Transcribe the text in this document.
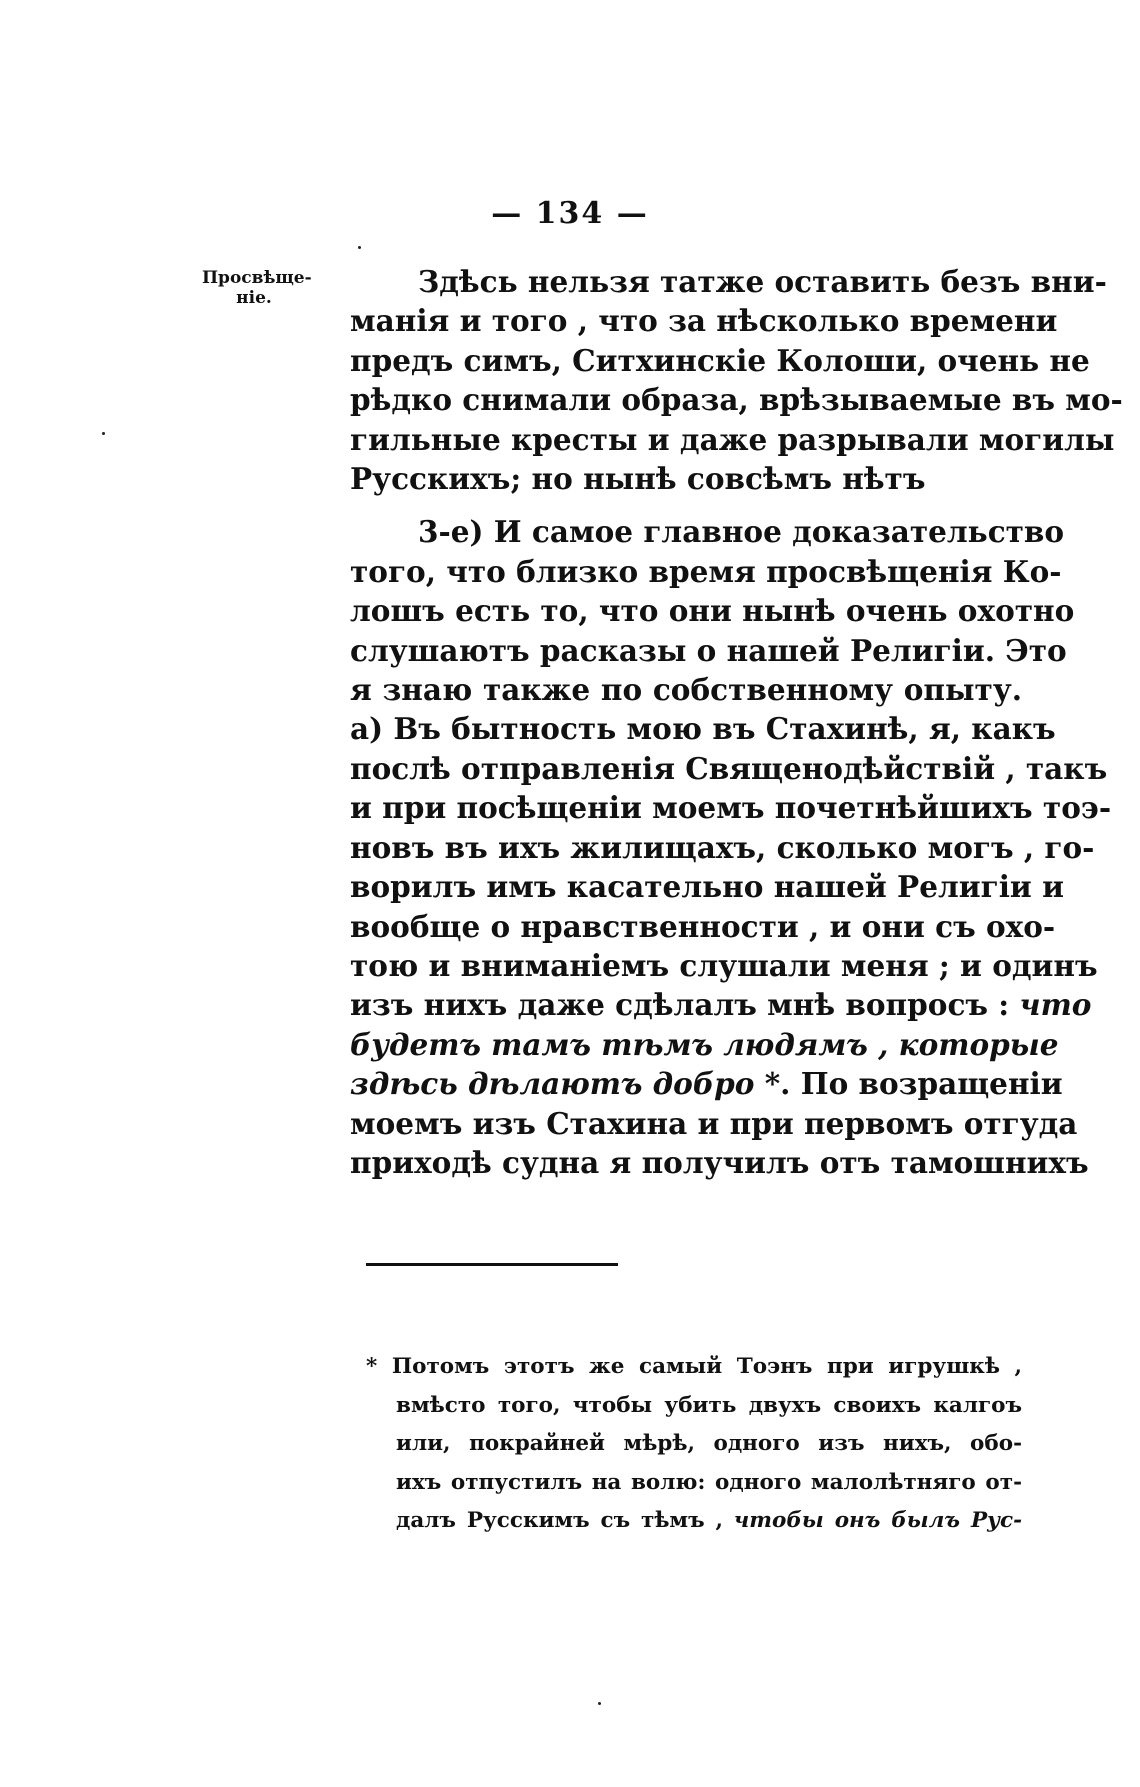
— 134 —
Просвѣще-
ніе.	Здѣсь нельзя татже оставить безъ вни-
манія и того , что за нѣсколько времени
предъ симъ, Ситхинскіе Колоши, очень не
рѣдко снимали образа, врѣзываемые въ мо-
гильные кресты и даже разрывали могилы
Русскихъ; но нынѣ совсѣмъ нѣтъ
3-е) И самое главное доказательство
того, что близко время просвѣщенія Ко-
лошъ есть то, что они нынѣ очень охотно
слушаютъ расказы о нашей Религіи. Это
я знаю также по собственному опыту.
а) Въ бытность мою въ Стахинѣ, я, какъ
послѣ отправленія Священодѣйствій , такъ
и при посѣщеніи моемъ почетнѣйшихъ тоэ-
новъ въ ихъ жилищахъ, сколько могъ , го-
ворилъ имъ касательно нашей Религіи и
вообще о нравственности , и они съ охо-
тою и вниманіемъ слушали меня ; и одинъ
изъ нихъ даже сдѣлалъ мнѣ вопросъ : что
будетъ тамъ тѣмъ людямъ , которые
здѣсь дѣлаютъ добро *. По возращеніи
моемъ изъ Стахина и при первомъ отгуда
приходѣ судна я получилъ отъ тамошнихъ
* Потомъ этотъ же самый Тоэнъ при игрушкѣ ,
вмѣсто того, чтобы убить двухъ своихъ калгоъ
или, покрайней мѣрѣ, одного изъ нихъ, обо-
ихъ отпустилъ на волю: одного малолѣтняго от-
далъ Русскимъ съ тѣмъ , чтобы онъ былъ Рус-
